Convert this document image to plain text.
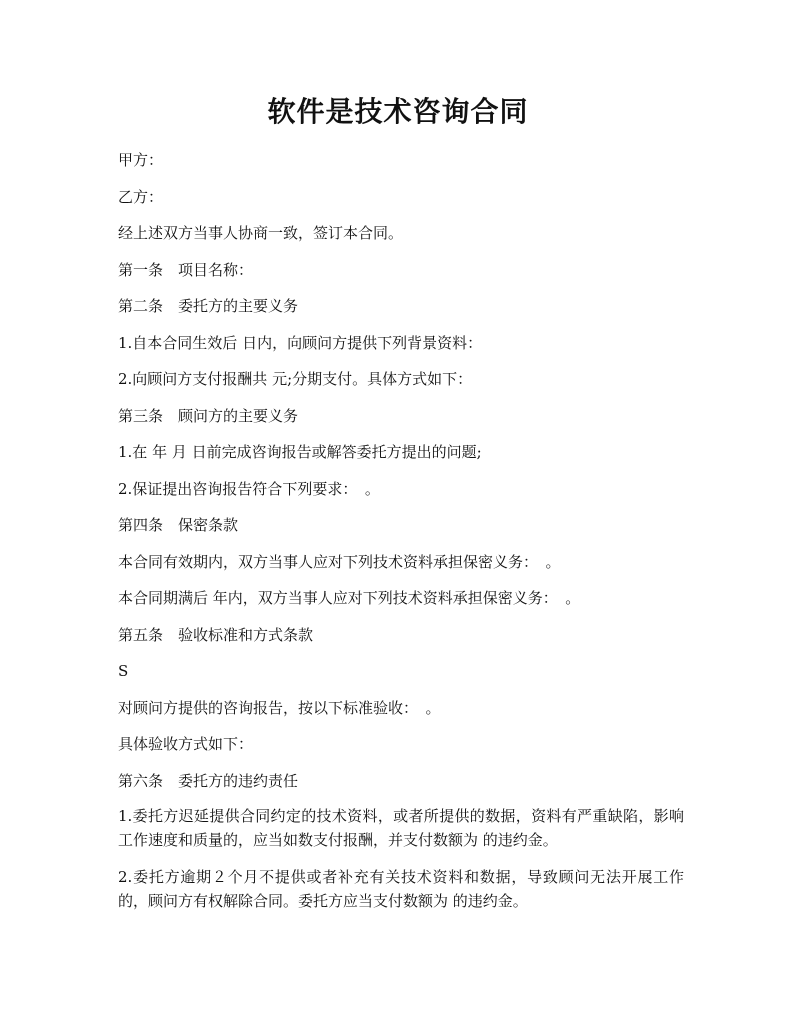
软件是技术咨询合同

甲方：

乙方：

经上述双方当事人协商一致，签订本合同。

第一条　项目名称：

第二条　委托方的主要义务

1.自本合同生效后 日内，向顾问方提供下列背景资料：

2.向顾问方支付报酬共 元;分期支付。具体方式如下：

第三条　顾问方的主要义务

1.在 年 月 日前完成咨询报告或解答委托方提出的问题;

2.保证提出咨询报告符合下列要求：　。

第四条　保密条款

本合同有效期内，双方当事人应对下列技术资料承担保密义务：　。

本合同期满后 年内，双方当事人应对下列技术资料承担保密义务：　。

第五条　验收标准和方式条款

S

对顾问方提供的咨询报告，按以下标准验收：　。

具体验收方式如下：

第六条　委托方的违约责任

1.委托方迟延提供合同约定的技术资料，或者所提供的数据，资料有严重缺陷，影响工作速度和质量的，应当如数支付报酬，并支付数额为 的违约金。

2.委托方逾期２个月不提供或者补充有关技术资料和数据，导致顾问无法开展工作的，顾问方有权解除合同。委托方应当支付数额为 的违约金。
